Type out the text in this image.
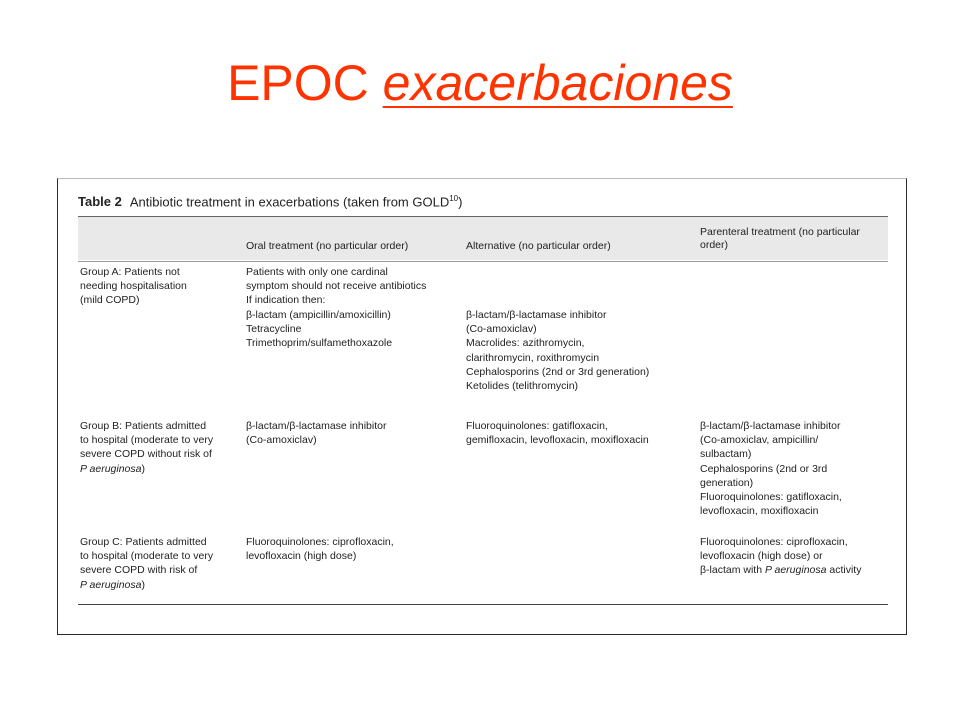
EPOC exacerbaciones
Table 2 Antibiotic treatment in exacerbations (taken from GOLD$^{10}$)
Oral treatment (no particular order)	Alternative (no particular order)
Parenteral treatment (no particular order)
Group A: Patients not
needing hospitalisation
(mild COPD)
Patients with only one cardinal
symptom should not receive antibiotics
If indication then:
β-lactam (ampicillin/amoxicillin)
Tetracycline
Trimethoprim/sulfamethoxazole
β-lactam/β-lactamase inhibitor
(Co-amoxiclav)
Macrolides: azithromycin,
clarithromycin, roxithromycin
Cephalosporins (2nd or 3rd generation)
Ketolides (telithromycin)
Group B: Patients admitted
to hospital (moderate to very
severe COPD without risk of
P aeruginosa)
β-lactam/β-lactamase inhibitor
(Co-amoxiclav)
Fluoroquinolones: gatifloxacin,
gemifloxacin, levofloxacin, moxifloxacin
β-lactam/β-lactamase inhibitor
(Co-amoxiclav, ampicillin/
sulbactam)
Cephalosporins (2nd or 3rd
generation)
Fluoroquinolones: gatifloxacin,
levofloxacin, moxifloxacin
Group C: Patients admitted
to hospital (moderate to very
severe COPD with risk of
P aeruginosa)
Fluoroquinolones: ciprofloxacin,
levofloxacin (high dose)
Fluoroquinolones: ciprofloxacin,
levofloxacin (high dose) or
β-lactam with P aeruginosa activity
